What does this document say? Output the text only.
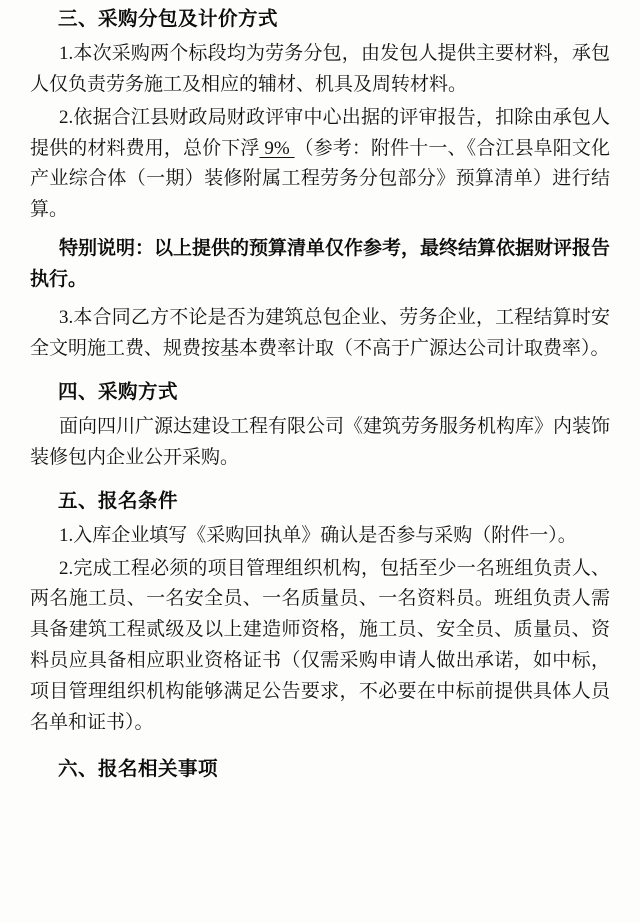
三、采购分包及计价方式

1.本次采购两个标段均为劳务分包，由发包人提供主要材料，承包人仅负责劳务施工及相应的辅材、机具及周转材料。

2.依据合江县财政局财政评审中心出据的评审报告，扣除由承包人提供的材料费用，总价下浮 9% （参考：附件十一、《合江县阜阳文化产业综合体（一期）装修附属工程劳务分包部分》预算清单）进行结算。

特别说明：以上提供的预算清单仅作参考，最终结算依据财评报告执行。

3.本合同乙方不论是否为建筑总包企业、劳务企业，工程结算时安全文明施工费、规费按基本费率计取（不高于广源达公司计取费率）。

四、采购方式

面向四川广源达建设工程有限公司《建筑劳务服务机构库》内装饰装修包内企业公开采购。

五、报名条件

1.入库企业填写《采购回执单》确认是否参与采购（附件一）。

2.完成工程必须的项目管理组织机构，包括至少一名班组负责人、两名施工员、一名安全员、一名质量员、一名资料员。班组负责人需具备建筑工程贰级及以上建造师资格，施工员、安全员、质量员、资料员应具备相应职业资格证书（仅需采购申请人做出承诺，如中标，项目管理组织机构能够满足公告要求，不必要在中标前提供具体人员名单和证书）。

六、报名相关事项
